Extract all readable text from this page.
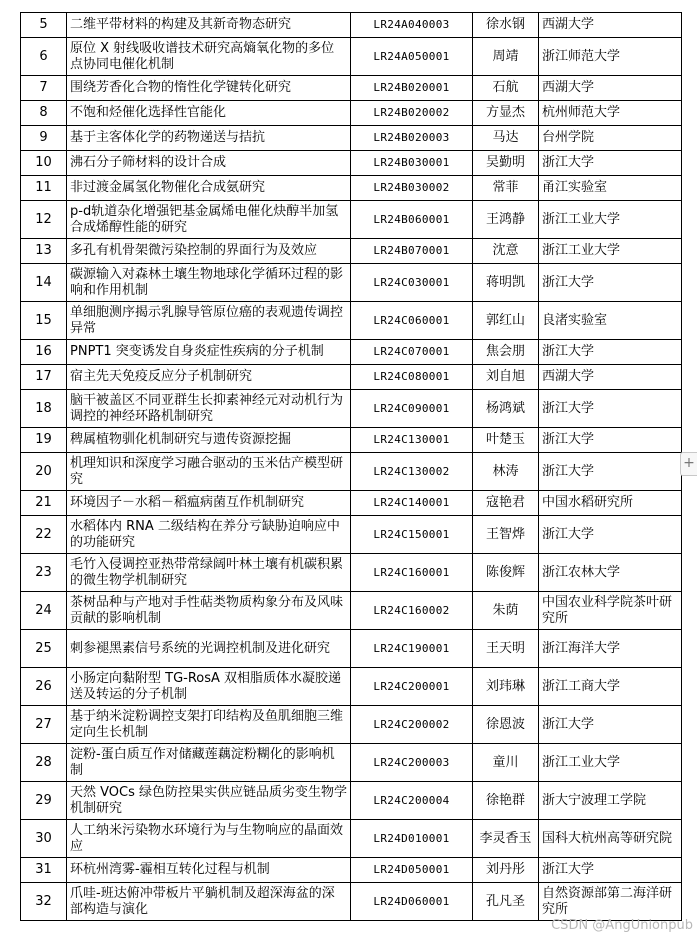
5	二维平带材料的构建及其新奇物态研究	LR24A040003	徐水钢	西湖大学
6	原位 X 射线吸收谱技术研究高熵氧化物的多位点协同电催化机制	LR24A050001	周靖	浙江师范大学
7	围绕芳香化合物的惰性化学键转化研究	LR24B020001	石航	西湖大学
8	不饱和烃催化选择性官能化	LR24B020002	方显杰	杭州师范大学
9	基于主客体化学的药物递送与拮抗	LR24B020003	马达	台州学院
10	沸石分子筛材料的设计合成	LR24B030001	吴勤明	浙江大学
11	非过渡金属氢化物催化合成氨研究	LR24B030002	常菲	甬江实验室
12	p-d轨道杂化增强钯基金属烯电催化炔醇半加氢合成烯醇性能的研究	LR24B060001	王鸿静	浙江工业大学
13	多孔有机骨架微污染控制的界面行为及效应	LR24B070001	沈意	浙江工业大学
14	碳源输入对森林土壤生物地球化学循环过程的影响和作用机制	LR24C030001	蒋明凯	浙江大学
15	单细胞测序揭示乳腺导管原位癌的表观遗传调控异常	LR24C060001	郭红山	良渚实验室
16	PNPT1 突变诱发自身炎症性疾病的分子机制	LR24C070001	焦会朋	浙江大学
17	宿主先天免疫反应分子机制研究	LR24C080001	刘自旭	西湖大学
18	脑干被盖区不同亚群生长抑素神经元对动机行为调控的神经环路机制研究	LR24C090001	杨鸿斌	浙江大学
19	稗属植物驯化机制研究与遗传资源挖掘	LR24C130001	叶楚玉	浙江大学
20	机理知识和深度学习融合驱动的玉米估产模型研究	LR24C130002	林涛	浙江大学
21	环境因子－水稻－稻瘟病菌互作机制研究	LR24C140001	寇艳君	中国水稻研究所
22	水稻体内 RNA 二级结构在养分亏缺胁迫响应中的功能研究	LR24C150001	王智烨	浙江大学
23	毛竹入侵调控亚热带常绿阔叶林土壤有机碳积累的微生物学机制研究	LR24C160001	陈俊辉	浙江农林大学
24	茶树品种与产地对手性萜类物质构象分布及风味贡献的影响机制	LR24C160002	朱荫	中国农业科学院茶叶研究所
25	刺参褪黑素信号系统的光调控机制及进化研究	LR24C190001	王天明	浙江海洋大学
26	小肠定向黏附型 TG-RosA 双相脂质体水凝胶递送及转运的分子机制	LR24C200001	刘玮琳	浙江工商大学
27	基于纳米淀粉调控支架打印结构及鱼肌细胞三维定向生长机制	LR24C200002	徐恩波	浙江大学
28	淀粉-蛋白质互作对储藏莲藕淀粉糊化的影响机制	LR24C200003	童川	浙江工业大学
29	天然 VOCs 绿色防控果实供应链品质劣变生物学机制研究	LR24C200004	徐艳群	浙大宁波理工学院
30	人工纳米污染物水环境行为与生物响应的晶面效应	LR24D010001	李灵香玉	国科大杭州高等研究院
31	环杭州湾雾-霾相互转化过程与机制	LR24D050001	刘丹彤	浙江大学
32	爪哇-班达俯冲带板片平躺机制及超深海盆的深部构造与演化	LR24D060001	孔凡圣	自然资源部第二海洋研究所
+
CSDN @AngUnionpub
